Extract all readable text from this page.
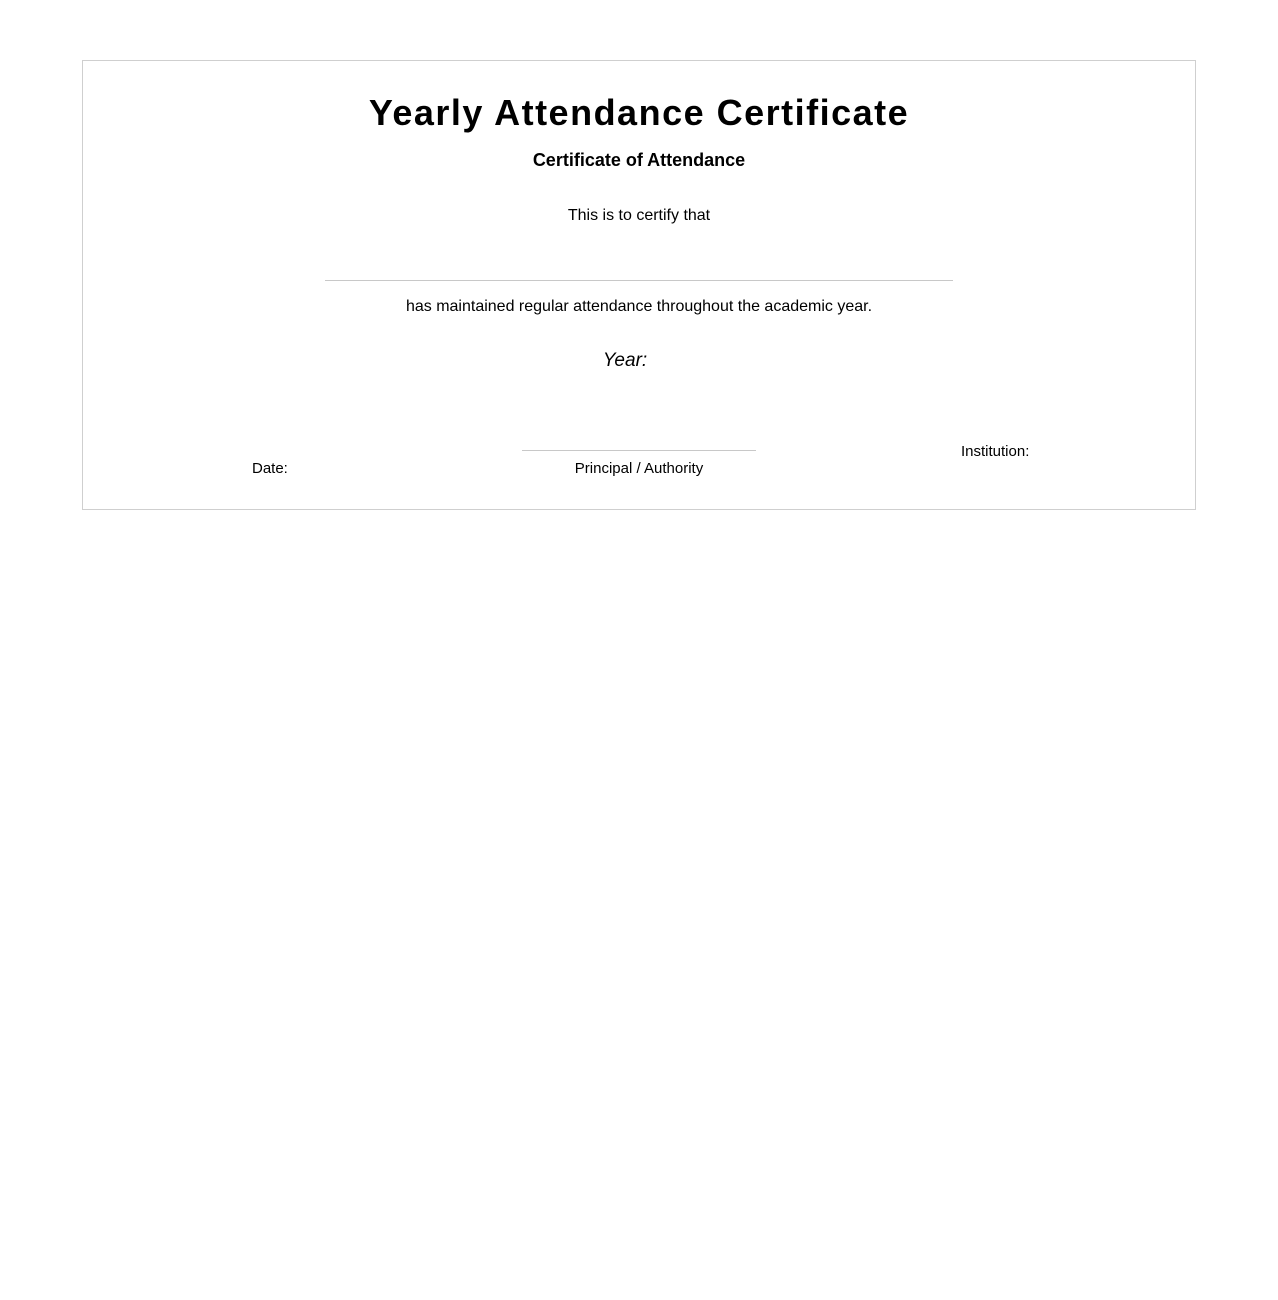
Yearly Attendance Certificate
Certificate of Attendance
This is to certify that
has maintained regular attendance throughout the academic year.
Year:
Date:	Principal / Authority
Institution:
